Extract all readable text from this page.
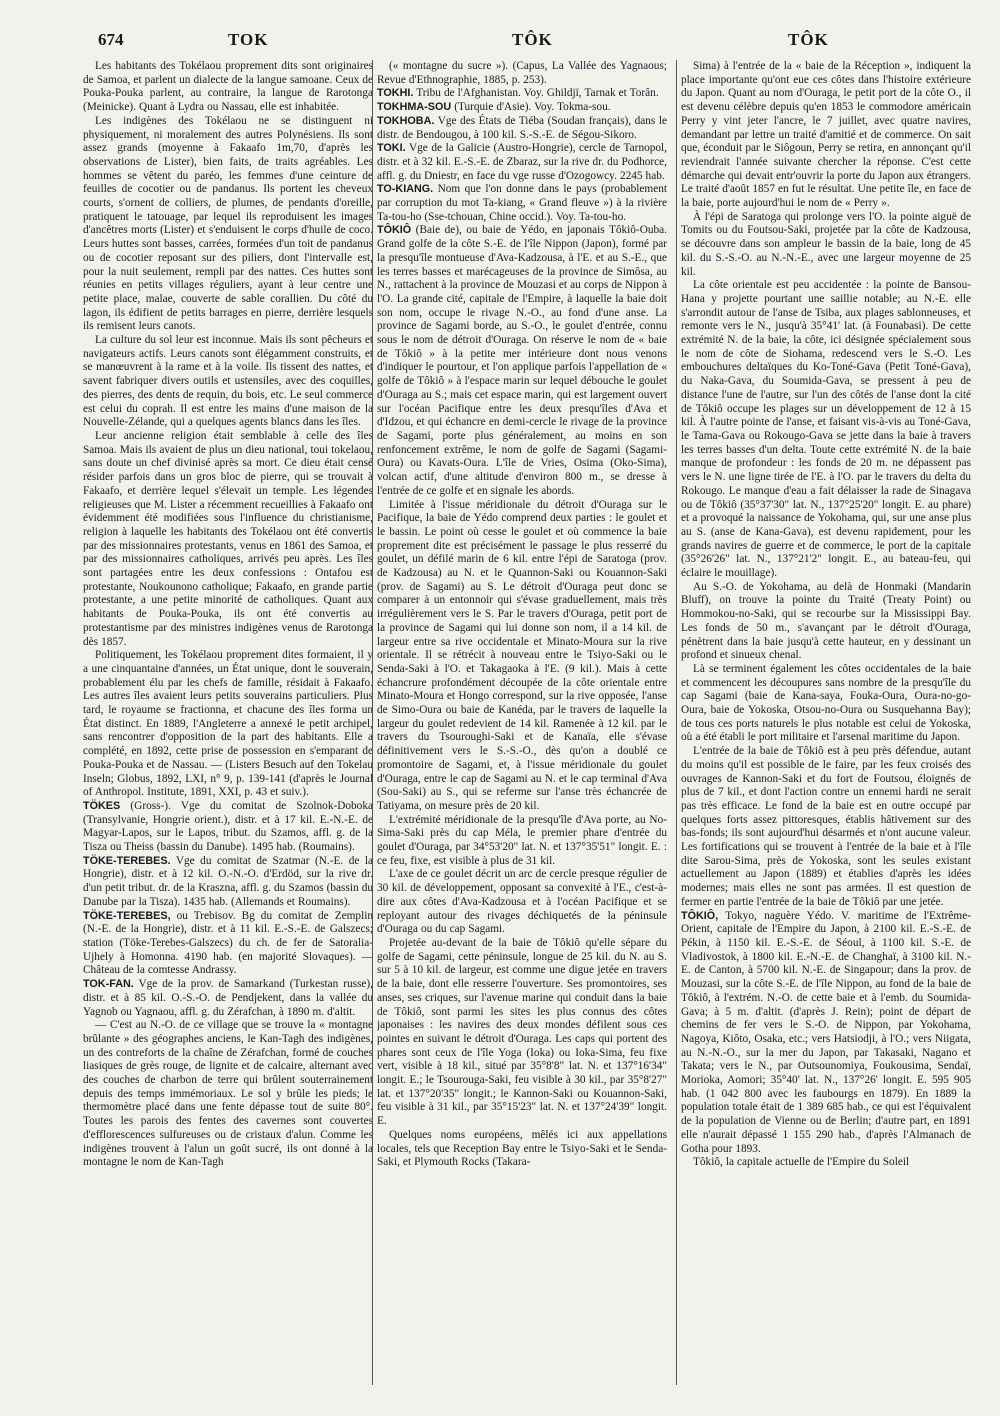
674	TOK	TÔK	TÔK

Les habitants des Tokélaou proprement dits sont originaires de Samoa, et parlent un dialecte de la langue samoane. Ceux de Pouka-Pouka parlent, au contraire, la langue de Rarotonga (Meinicke). Quant à Lydra ou Nassau, elle est inhabitée.

Les indigènes des Tokélaou ne se distinguent ni physiquement, ni moralement des autres Polynésiens. Ils sont assez grands (moyenne à Fakaafo 1m,70, d'après les observations de Lister), bien faits, de traits agréables. Les hommes se vêtent du paréo, les femmes d'une ceinture de feuilles de cocotier ou de pandanus. Ils portent les cheveux courts, s'ornent de colliers, de plumes, de pendants d'oreille, pratiquent le tatouage, par lequel ils reproduisent les images d'ancêtres morts (Lister) et s'enduisent le corps d'huile de coco. Leurs huttes sont basses, carrées, formées d'un toit de pandanus ou de cocotier reposant sur des piliers, dont l'intervalle est, pour la nuit seulement, rempli par des nattes. Ces huttes sont réunies en petits villages réguliers, ayant à leur centre une petite place, malae, couverte de sable corallien. Du côté du lagon, ils édifient de petits barrages en pierre, derrière lesquels ils remisent leurs canots.

La culture du sol leur est inconnue. Mais ils sont pêcheurs et navigateurs actifs. Leurs canots sont élégamment construits, et se manœuvrent à la rame et à la voile. Ils tissent des nattes, et savent fabriquer divers outils et ustensiles, avec des coquilles, des pierres, des dents de requin, du bois, etc. Le seul commerce est celui du coprah. Il est entre les mains d'une maison de la Nouvelle-Zélande, qui a quelques agents blancs dans les îles.

Leur ancienne religion était semblable à celle des îles Samoa. Mais ils avaient de plus un dieu national, toui tokelaou, sans doute un chef divinisé après sa mort. Ce dieu était censé résider parfois dans un gros bloc de pierre, qui se trouvait à Fakaafo, et derrière lequel s'élevait un temple. Les légendes religieuses que M. Lister a récemment recueillies à Fakaafo ont évidemment été modifiées sous l'influence du christianisme, religion à laquelle les habitants des Tokélaou ont été convertis par des missionnaires protestants, venus en 1861 des Samoa, et par des missionnaires catholiques, arrivés peu après. Les îles sont partagées entre les deux confessions : Ontafou est protestante, Noukounono catholique; Fakaafo, en grande partie protestante, a une petite minorité de catholiques. Quant aux habitants de Pouka-Pouka, ils ont été convertis au protestantisme par des ministres indigènes venus de Rarotonga dès 1857.

Politiquement, les Tokélaou proprement dites formaient, il y a une cinquantaine d'années, un État unique, dont le souverain, probablement élu par les chefs de famille, résidait à Fakaafo. Les autres îles avaient leurs petits souverains particuliers. Plus tard, le royaume se fractionna, et chacune des îles forma un État distinct. En 1889, l'Angleterre a annexé le petit archipel, sans rencontrer d'opposition de la part des habitants. Elle a complété, en 1892, cette prise de possession en s'emparant de Pouka-Pouka et de Nassau. — (Listers Besuch auf den Tokelau Inseln; Globus, 1892, LXI, n° 9, p. 139-141 (d'après le Journal of Anthropol. Institute, 1891, XXI, p. 43 et suiv.).

TÖKES (Gross-). Vge du comitat de Szolnok-Doboka (Transylvanie, Hongrie orient.), distr. et à 17 kil. E.-N.-E. de Magyar-Lapos, sur le Lapos, tribut. du Szamos, affl. g. de la Tisza ou Theiss (bassin du Danube). 1495 hab. (Roumains).

TÖKE-TEREBES. Vge du comitat de Szatmar (N.-E. de la Hongrie), distr. et à 12 kil. O.-N.-O. d'Erdöd, sur la rive dr. d'un petit tribut. dr. de la Kraszna, affl. g. du Szamos (bassin du Danube par la Tisza). 1435 hab. (Allemands et Roumains).

TÖKE-TEREBES, ou Trebisov. Bg du comitat de Zemplin (N.-E. de la Hongrie), distr. et à 11 kil. E.-S.-E. de Galszecs; station (Töke-Terebes-Galszecs) du ch. de fer de Satoralia-Ujhely à Homonna. 4190 hab. (en majorité Slovaques). — Château de la comtesse Andrassy.

TOK-FAN. Vge de la prov. de Samarkand (Turkestan russe), distr. et à 85 kil. O.-S.-O. de Pendjekent, dans la vallée du Yagnob ou Yagnaou, affl. g. du Zérafchan, à 1890 m. d'altit.

— C'est au N.-O. de ce village que se trouve la « montagne brûlante » des géographes anciens, le Kan-Tagh des indigènes, un des contreforts de la chaîne de Zérafchan, formé de couches liasiques de grès rouge, de lignite et de calcaire, alternant avec des couches de charbon de terre qui brûlent souterrainement depuis des temps immémoriaux. Le sol y brûle les pieds; le thermomètre placé dans une fente dépasse tout de suite 80°. Toutes les parois des fentes des cavernes sont couvertes d'efflorescences sulfureuses ou de cristaux d'alun. Comme les indigènes trouvent à l'alun un goût sucré, ils ont donné à la montagne le nom de Kan-Tagh

(« montagne du sucre »). (Capus, La Vallée des Yagnaous; Revue d'Ethnographie, 1885, p. 253).

TOKHI. Tribu de l'Afghanistan. Voy. Ghildjï, Tarnak et Torân.

TOKHMA-SOU (Turquie d'Asie). Voy. Tokma-sou.

TOKHOBA. Vge des États de Tiéba (Soudan français), dans le distr. de Bendougou, à 100 kil. S.-S.-E. de Ségou-Sikoro.

TOKI. Vge de la Galicie (Austro-Hongrie), cercle de Tarnopol, distr. et à 32 kil. E.-S.-E. de Zbaraz, sur la rive dr. du Podhorce, affl. g. du Dniestr, en face du vge russe d'Ozogowcy. 2245 hab.

TO-KIANG. Nom que l'on donne dans le pays (probablement par corruption du mot Ta-kiang, « Grand fleuve ») à la rivière Ta-tou-ho (Sse-tchouan, Chine occid.). Voy. Ta-tou-ho.

TÔKIÔ (Baie de), ou baie de Yédo, en japonais Tôkiô-Ouba. Grand golfe de la côte S.-E. de l'île Nippon (Japon), formé par la presqu'île montueuse d'Ava-Kadzousa, à l'E. et au S.-E., que les terres basses et marécageuses de la province de Simôsa, au N., rattachent à la province de Mouzasi et au corps de Nippon à l'O. La grande cité, capitale de l'Empire, à laquelle la baie doit son nom, occupe le rivage N.-O., au fond d'une anse. La province de Sagami borde, au S.-O., le goulet d'entrée, connu sous le nom de détroit d'Ouraga. On réserve le nom de « baie de Tôkiô » à la petite mer intérieure dont nous venons d'indiquer le pourtour, et l'on applique parfois l'appellation de « golfe de Tôkiô » à l'espace marin sur lequel débouche le goulet d'Ouraga au S.; mais cet espace marin, qui est largement ouvert sur l'océan Pacifique entre les deux presqu'îles d'Ava et d'Idzou, et qui échancre en demi-cercle le rivage de la province de Sagami, porte plus généralement, au moins en son renfoncement extrême, le nom de golfe de Sagami (Sagami-Oura) ou Kavats-Oura. L'île de Vries, Osima (Oko-Sima), volcan actif, d'une altitude d'environ 800 m., se dresse à l'entrée de ce golfe et en signale les abords.

Limitée à l'issue méridionale du détroit d'Ouraga sur le Pacifique, la baie de Yédo comprend deux parties : le goulet et le bassin. Le point où cesse le goulet et où commence la baie proprement dite est précisément le passage le plus resserré du goulet, un défilé marin de 6 kil. entre l'épi de Saratoga (prov. de Kadzousa) au N. et le Quannon-Saki ou Kouannon-Saki (prov. de Sagami) au S. Le détroit d'Ouraga peut donc se comparer à un entonnoir qui s'évase graduellement, mais très irrégulièrement vers le S. Par le travers d'Ouraga, petit port de la province de Sagami qui lui donne son nom, il a 14 kil. de largeur entre sa rive occidentale et Minato-Moura sur la rive orientale. Il se rétrécit à nouveau entre le Tsiyo-Saki ou le Senda-Saki à l'O. et Takagaoka à l'E. (9 kil.). Mais à cette échancrure profondément découpée de la côte orientale entre Minato-Moura et Hongo correspond, sur la rive opposée, l'anse de Simo-Oura ou baie de Kanéda, par le travers de laquelle la largeur du goulet redevient de 14 kil. Ramenée à 12 kil. par le travers du Tsouroughi-Saki et de Kanaïa, elle s'évase définitivement vers le S.-S.-O., dès qu'on a doublé ce promontoire de Sagami, et, à l'issue méridionale du goulet d'Ouraga, entre le cap de Sagami au N. et le cap terminal d'Ava (Sou-Saki) au S., qui se referme sur l'anse très échancrée de Tatiyama, on mesure près de 20 kil.

L'extrémité méridionale de la presqu'île d'Ava porte, au No-Sima-Saki près du cap Méla, le premier phare d'entrée du goulet d'Ouraga, par 34°53'20" lat. N. et 137°35'51" longit. E. : ce feu, fixe, est visible à plus de 31 kil.

L'axe de ce goulet décrit un arc de cercle presque régulier de 30 kil. de développement, opposant sa convexité à l'E., c'est-à-dire aux côtes d'Ava-Kadzousa et à l'océan Pacifique et se reployant autour des rivages déchiquetés de la péninsule d'Ouraga ou du cap Sagami.

Projetée au-devant de la baie de Tôkiô qu'elle sépare du golfe de Sagami, cette péninsule, longue de 25 kil. du N. au S. sur 5 à 10 kil. de largeur, est comme une digue jetée en travers de la baie, dont elle resserre l'ouverture. Ses promontoires, ses anses, ses criques, sur l'avenue marine qui conduit dans la baie de Tôkiô, sont parmi les sites les plus connus des côtes japonaises : les navires des deux mondes défilent sous ces pointes en suivant le détroit d'Ouraga. Les caps qui portent des phares sont ceux de l'île Yoga (Ioka) ou Ioka-Sima, feu fixe vert, visible à 18 kil., situé par 35°8'8" lat. N. et 137°16'34" longit. E.; le Tsourouga-Saki, feu visible à 30 kil., par 35°8'27" lat. et 137°20'35" longit.; le Kannon-Saki ou Kouannon-Saki, feu visible à 31 kil., par 35°15'23" lat. N. et 137°24'39" longit. E.

Quelques noms européens, mêlés ici aux appellations locales, tels que Reception Bay entre le Tsiyo-Saki et le Senda-Saki, et Plymouth Rocks (Takara-

Sima) à l'entrée de la « baie de la Réception », indiquent la place importante qu'ont eue ces côtes dans l'histoire extérieure du Japon. Quant au nom d'Ouraga, le petit port de la côte O., il est devenu célèbre depuis qu'en 1853 le commodore américain Perry y vint jeter l'ancre, le 7 juillet, avec quatre navires, demandant par lettre un traité d'amitié et de commerce. On sait que, éconduit par le Siôgoun, Perry se retira, en annonçant qu'il reviendrait l'année suivante chercher la réponse. C'est cette démarche qui devait entr'ouvrir la porte du Japon aux étrangers. Le traité d'août 1857 en fut le résultat. Une petite île, en face de la baie, porte aujourd'hui le nom de « Perry ».

À l'épi de Saratoga qui prolonge vers l'O. la pointe aiguë de Tomits ou du Foutsou-Saki, projetée par la côte de Kadzousa, se découvre dans son ampleur le bassin de la baie, long de 45 kil. du S.-S.-O. au N.-N.-E., avec une largeur moyenne de 25 kil.

La côte orientale est peu accidentée : la pointe de Bansou-Hana y projette pourtant une saillie notable; au N.-E. elle s'arrondit autour de l'anse de Tsiba, aux plages sablonneuses, et remonte vers le N., jusqu'à 35°41' lat. (à Founabasi). De cette extrémité N. de la baie, la côte, ici désignée spécialement sous le nom de côte de Siohama, redescend vers le S.-O. Les embouchures deltaïques du Ko-Toné-Gava (Petit Toné-Gava), du Naka-Gava, du Soumida-Gava, se pressent à peu de distance l'une de l'autre, sur l'un des côtés de l'anse dont la cité de Tôkiô occupe les plages sur un développement de 12 à 15 kil. À l'autre pointe de l'anse, et faisant vis-à-vis au Toné-Gava, le Tama-Gava ou Rokougo-Gava se jette dans la baie à travers les terres basses d'un delta. Toute cette extrémité N. de la baie manque de profondeur : les fonds de 20 m. ne dépassent pas vers le N. une ligne tirée de l'E. à l'O. par le travers du delta du Rokougo. Le manque d'eau a fait délaisser la rade de Sinagava ou de Tôkiô (35°37'30" lat. N., 137°25'20" longit. E. au phare) et a provoqué la naissance de Yokohama, qui, sur une anse plus au S. (anse de Kana-Gava), est devenu rapidement, pour les grands navires de guerre et de commerce, le port de la capitale (35°26'26" lat. N., 137°21'2" longit. E., au bateau-feu, qui éclaire le mouillage).

Au S.-O. de Yokohama, au delà de Honmaki (Mandarin Bluff), on trouve la pointe du Traité (Treaty Point) ou Hommokou-no-Saki, qui se recourbe sur la Mississippi Bay. Les fonds de 50 m., s'avançant par le détroit d'Ouraga, pénètrent dans la baie jusqu'à cette hauteur, en y dessinant un profond et sinueux chenal.

Là se terminent également les côtes occidentales de la baie et commencent les découpures sans nombre de la presqu'île du cap Sagami (baie de Kana-saya, Fouka-Oura, Oura-no-go-Oura, baie de Yokoska, Otsou-no-Oura ou Susquehanna Bay); de tous ces ports naturels le plus notable est celui de Yokoska, où a été établi le port militaire et l'arsenal maritime du Japon.

L'entrée de la baie de Tôkiô est à peu près défendue, autant du moins qu'il est possible de le faire, par les feux croisés des ouvrages de Kannon-Saki et du fort de Foutsou, éloignés de plus de 7 kil., et dont l'action contre un ennemi hardi ne serait pas très efficace. Le fond de la baie est en outre occupé par quelques forts assez pittoresques, établis hâtivement sur des bas-fonds; ils sont aujourd'hui désarmés et n'ont aucune valeur. Les fortifications qui se trouvent à l'entrée de la baie et à l'île dite Sarou-Sima, près de Yokoska, sont les seules existant actuellement au Japon (1889) et établies d'après les idées modernes; mais elles ne sont pas armées. Il est question de fermer en partie l'entrée de la baie de Tôkiô par une jetée.

TÔKIÔ, Tokyo, naguère Yédo. V. maritime de l'Extrême-Orient, capitale de l'Empire du Japon, à 2100 kil. E.-S.-E. de Pékin, à 1150 kil. E.-S.-E. de Séoul, à 1100 kil. S.-E. de Vladivostok, à 1800 kil. E.-N.-E. de Changhaï, à 3100 kil. N.-E. de Canton, à 5700 kil. N.-E. de Singapour; dans la prov. de Mouzasi, sur la côte S.-E. de l'île Nippon, au fond de la baie de Tôkiô, à l'extrém. N.-O. de cette baie et à l'emb. du Soumida-Gava; à 5 m. d'altit. (d'après J. Rein); point de départ de chemins de fer vers le S.-O. de Nippon, par Yokohama, Nagoya, Kiôto, Osaka, etc.; vers Hatsiodji, à l'O.; vers Niigata, au N.-N.-O., sur la mer du Japon, par Takasaki, Nagano et Takata; vers le N., par Outsounomiya, Foukousima, Sendaï, Morioka, Aomori; 35°40' lat. N., 137°26' longit. E. 595 905 hab. (1 042 800 avec les faubourgs en 1879). En 1889 la population totale était de 1 389 685 hab., ce qui est l'équivalent de la population de Vienne ou de Berlin; d'autre part, en 1891 elle n'aurait dépassé 1 155 290 hab., d'après l'Almanach de Gotha pour 1893.

Tôkiô, la capitale actuelle de l'Empire du Soleil
